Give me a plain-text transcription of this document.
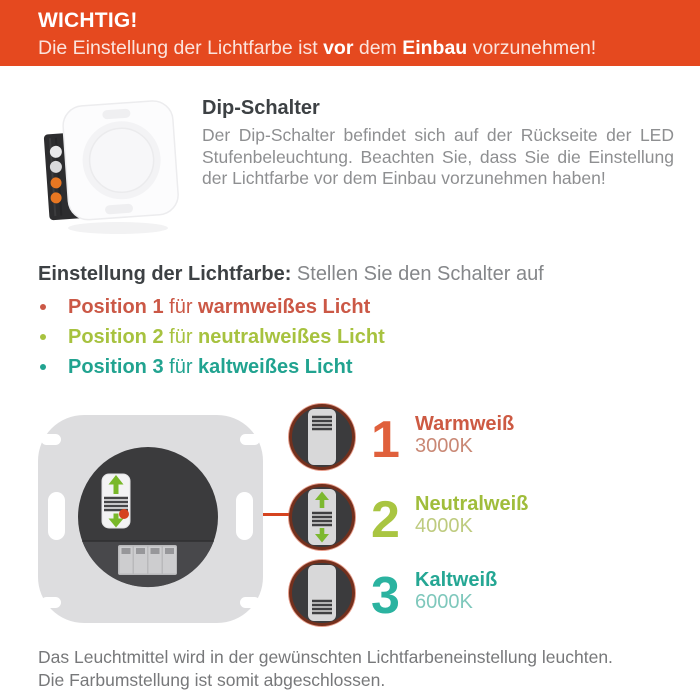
WICHTIG!
Die Einstellung der Lichtfarbe ist vor dem Einbau vorzunehmen!

Dip-Schalter

Der Dip-Schalter befindet sich auf der Rückseite der LED Stufenbeleuchtung. Beachten Sie, dass Sie die Einstellung der Lichtfarbe vor dem Einbau vorzunehmen haben!

Einstellung der Lichtfarbe: Stellen Sie den Schalter auf
Position 1 für warmweißes Licht
Position 2 für neutralweißes Licht
Position 3 für kaltweißes Licht
1 Warmweiß
3000K
2 Neutralweiß
4000K
3 Kaltweiß
6000K
Das Leuchtmittel wird in der gewünschten Lichtfarbeneinstellung leuchten.
Die Farbumstellung ist somit abgeschlossen.
